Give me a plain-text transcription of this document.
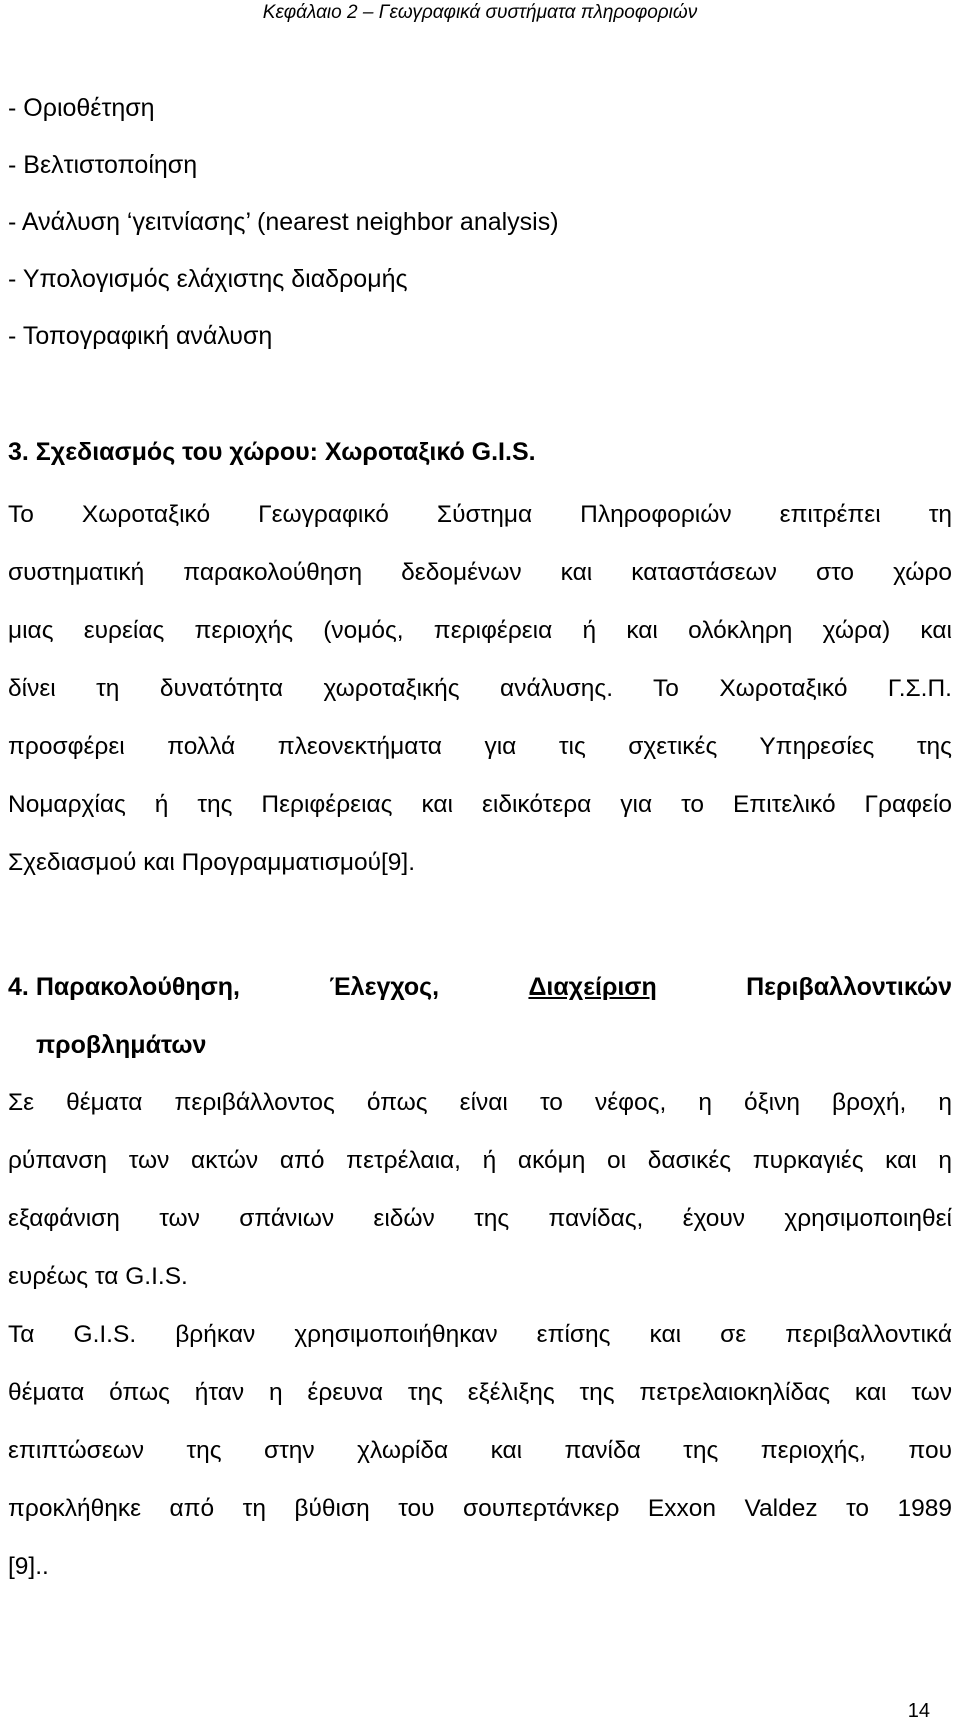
Κεφάλαιο 2 – Γεωγραφικά συστήματα πληροφοριών
- Οριοθέτηση
- Βελτιστοποίηση
- Ανάλυση ‘γειτνίασης’ (nearest neighbor analysis)
- Υπολογισμός ελάχιστης διαδρομής
- Τοπογραφική ανάλυση
3. Σχεδιασμός του χώρου: Χωροταξικό G.I.S.
Το Χωροταξικό Γεωγραφικό Σύστημα Πληροφοριών επιτρέπει τη
συστηματική παρακολούθηση δεδομένων και καταστάσεων στο χώρο
μιας ευρείας περιοχής (νομός, περιφέρεια ή και ολόκληρη χώρα) και
δίνει τη δυνατότητα χωροταξικής ανάλυσης. Το Χωροταξικό Γ.Σ.Π.
προσφέρει πολλά πλεονεκτήματα για τις σχετικές Υπηρεσίες της
Νομαρχίας ή της Περιφέρειας και ειδικότερα για το Επιτελικό Γραφείο
Σχεδιασμού και Προγραμματισμού[9].
4. Παρακολούθηση,	Έλεγχος,	Διαχείριση	Περιβαλλοντικών
προβλημάτων
Σε θέματα περιβάλλοντος όπως είναι το νέφος, η όξινη βροχή, η
ρύπανση των ακτών από πετρέλαια, ή ακόμη οι δασικές πυρκαγιές και η
εξαφάνιση των σπάνιων ειδών της πανίδας, έχουν χρησιμοποιηθεί
ευρέως τα G.I.S.
Τα G.I.S. βρήκαν χρησιμοποιήθηκαν επίσης και σε περιβαλλοντικά
θέματα όπως ήταν η έρευνα της εξέλιξης της πετρελαιοκηλίδας και των
επιπτώσεων της στην χλωρίδα και πανίδα της περιοχής, που
προκλήθηκε από τη βύθιση του σουπερτάνκερ Exxon Valdez το 1989
[9]..
14
